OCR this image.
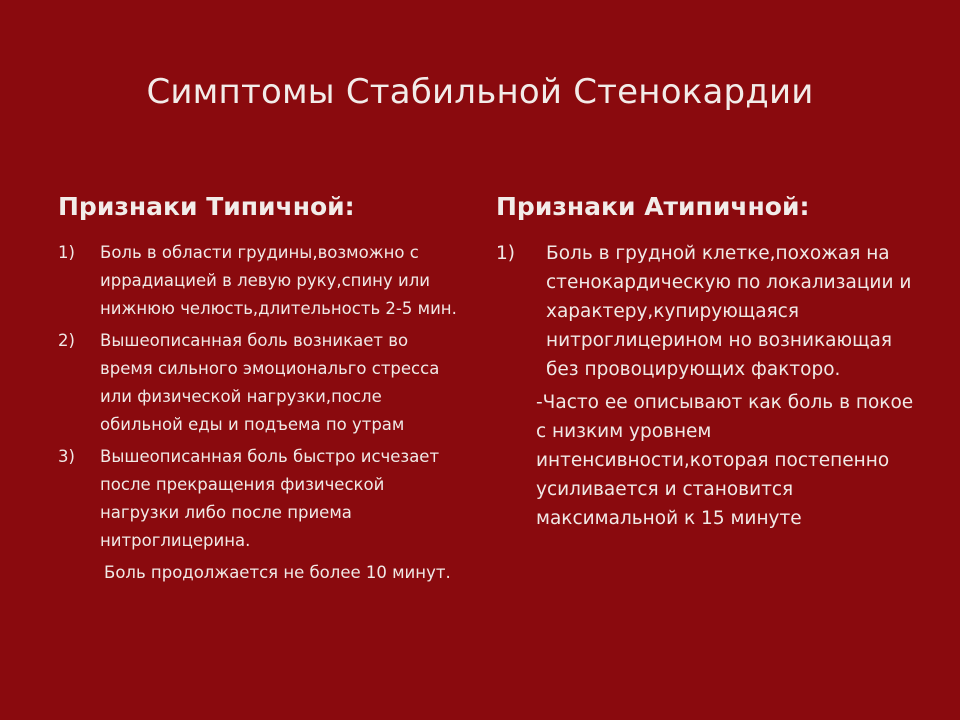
Симптомы Стабильной Стенокардии
Признаки Типичной:
1)	Боль в области грудины,возможно с иррадиацией в левую руку,спину или нижнюю челюсть,длительность 2-5 мин.
2)	Вышеописанная боль возникает во время сильного эмоциональго стресса или физической нагрузки,после обильной еды и подъема по утрам
3)	Вышеописанная боль быстро исчезает после прекращения физической нагрузки либо после приема нитроглицерина.
Боль продолжается не более 10 минут.
Признаки Атипичной:
1)	Боль в грудной клетке,похожая на стенокардическую по локализации и характеру,купирующаяся нитроглицерином но возникающая без провоцирующих факторо.
-Часто ее описывают как боль в покое с низким уровнем интенсивности,которая постепенно усиливается и становится максимальной к 15 минуте
